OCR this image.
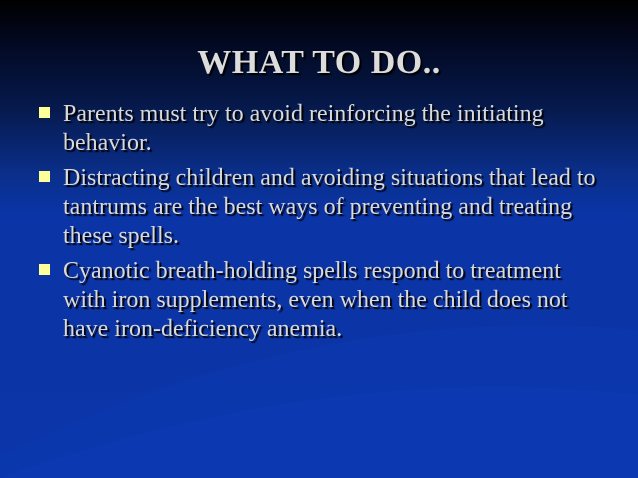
WHAT TO DO..
Parents must try to avoid reinforcing the initiating behavior.
Distracting children and avoiding situations that lead to tantrums are the best ways of preventing and treating these spells.
Cyanotic breath-holding spells respond to treatment with iron supplements, even when the child does not have iron-deficiency anemia.
